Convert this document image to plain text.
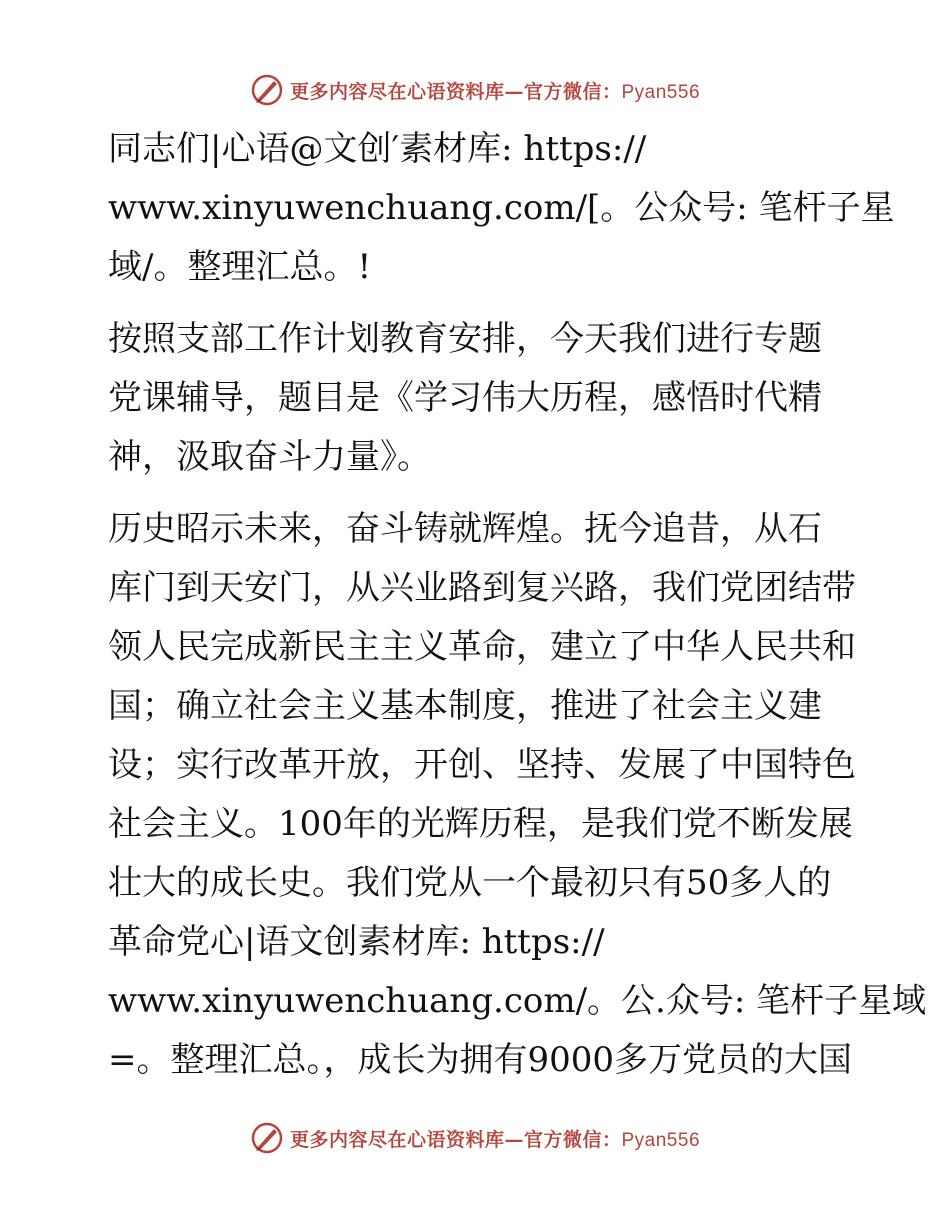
更多内容尽在心语资料库—官方微信：Pyan556

同志们|心语@文创′素材库: https://
www.xinyuwenchuang.com/[。公众号: 笔杆子星
域/。整理汇总。!

按照支部工作计划教育安排，今天我们进行专题
党课辅导，题目是《学习伟大历程，感悟时代精
神，汲取奋斗力量》。

历史昭示未来，奋斗铸就辉煌。抚今追昔，从石
库门到天安门，从兴业路到复兴路，我们党团结带
领人民完成新民主主义革命，建立了中华人民共和
国；确立社会主义基本制度，推进了社会主义建
设；实行改革开放，开创、坚持、发展了中国特色
社会主义。100年的光辉历程，是我们党不断发展
壮大的成长史。我们党从一个最初只有50多人的
革命党心|语文创素材库: https://
www.xinyuwenchuang.com/。公.众号: 笔杆子星域
=。整理汇总。，成长为拥有9000多万党员的大国

更多内容尽在心语资料库—官方微信：Pyan556
